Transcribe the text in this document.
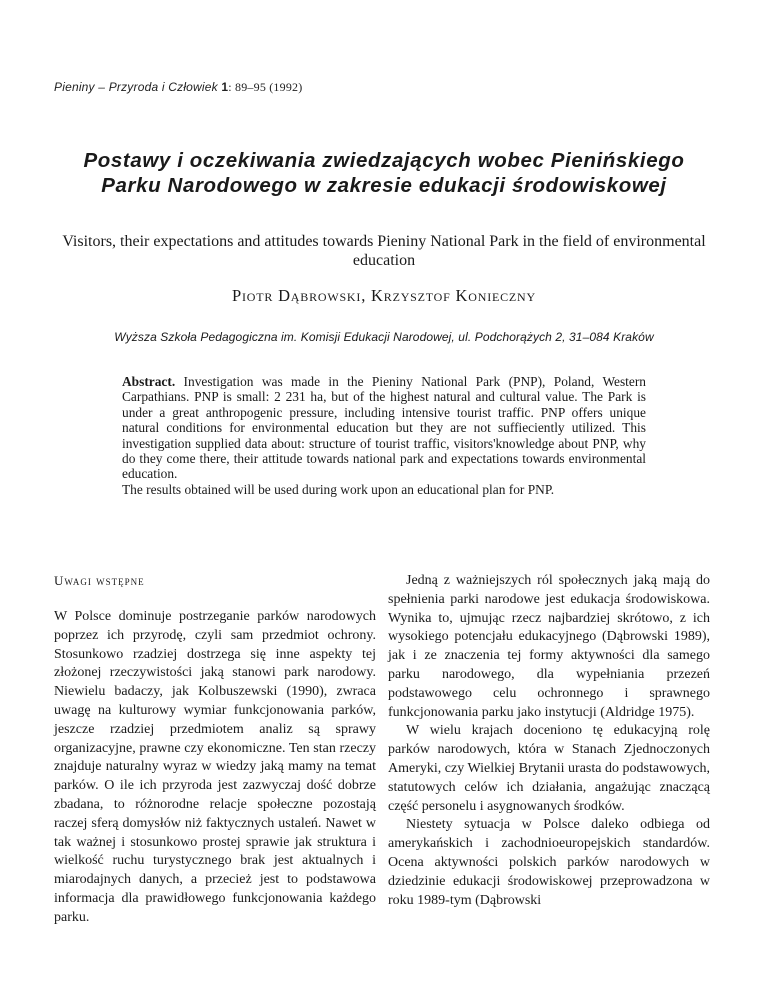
Pieniny – Przyroda i Człowiek 1: 89–95 (1992)
Postawy i oczekiwania zwiedzających wobec Pienińskiego
Parku Narodowego w zakresie edukacji środowiskowej

Visitors, their expectations and attitudes towards Pieniny National Park in the field of environmental education

Piotr Dąbrowski, Krzysztof Konieczny
Wyższa Szkoła Pedagogiczna im. Komisji Edukacji Narodowej, ul. Podchorążych 2, 31–084 Kraków

Abstract. Investigation was made in the Pieniny National Park (PNP), Poland, Western Carpathians. PNP is small: 2 231 ha, but of the highest natural and cultural value. The Park is under a great anthropogenic pressure, including intensive tourist traffic. PNP offers unique natural conditions for environmental education but they are not suffieciently utilized. This investigation supplied data about: structure of tourist traffic, visitors'knowledge about PNP, why do they come there, their attitude towards national park and expectations towards environmental education.

The results obtained will be used during work upon an educational plan for PNP.

Uwagi wstępne

W Polsce dominuje postrzeganie parków narodowych poprzez ich przyrodę, czyli sam przedmiot ochrony. Stosunkowo rzadziej dostrzega się inne aspekty tej złożonej rzeczywistości jaką stanowi park narodowy. Niewielu badaczy, jak Kolbuszewski (1990), zwraca uwagę na kulturowy wymiar funkcjonowania parków, jeszcze rzadziej przedmiotem analiz są sprawy organizacyjne, prawne czy ekonomiczne. Ten stan rzeczy znajduje naturalny wyraz w wiedzy jaką mamy na temat parków. O ile ich przyroda jest zazwyczaj dość dobrze zbadana, to różnorodne relacje społeczne pozostają raczej sferą domysłów niż faktycznych ustaleń. Nawet w tak ważnej i stosunkowo prostej sprawie jak struktura i wielkość ruchu turystycznego brak jest aktualnych i miarodajnych danych, a przecież jest to podstawowa informacja dla prawidłowego funkcjonowania każdego parku.

Jedną z ważniejszych ról społecznych jaką mają do spełnienia parki narodowe jest edukacja środowiskowa. Wynika to, ujmując rzecz najbardziej skrótowo, z ich wysokiego potencjału edukacyjnego (Dąbrowski 1989), jak i ze znaczenia tej formy aktywności dla samego parku narodowego, dla wypełniania przezeń podstawowego celu ochronnego i sprawnego funkcjonowania parku jako instytucji (Aldridge 1975).

W wielu krajach doceniono tę edukacyjną rolę parków narodowych, która w Stanach Zjednoczonych Ameryki, czy Wielkiej Brytanii urasta do podstawowych, statutowych celów ich działania, angażując znaczącą część personelu i asygnowanych środków.

Niestety sytuacja w Polsce daleko odbiega od amerykańskich i zachodnioeuropejskich standardów. Ocena aktywności polskich parków narodowych w dziedzinie edukacji środowiskowej przeprowadzona w roku 1989-tym (Dąbrowski
